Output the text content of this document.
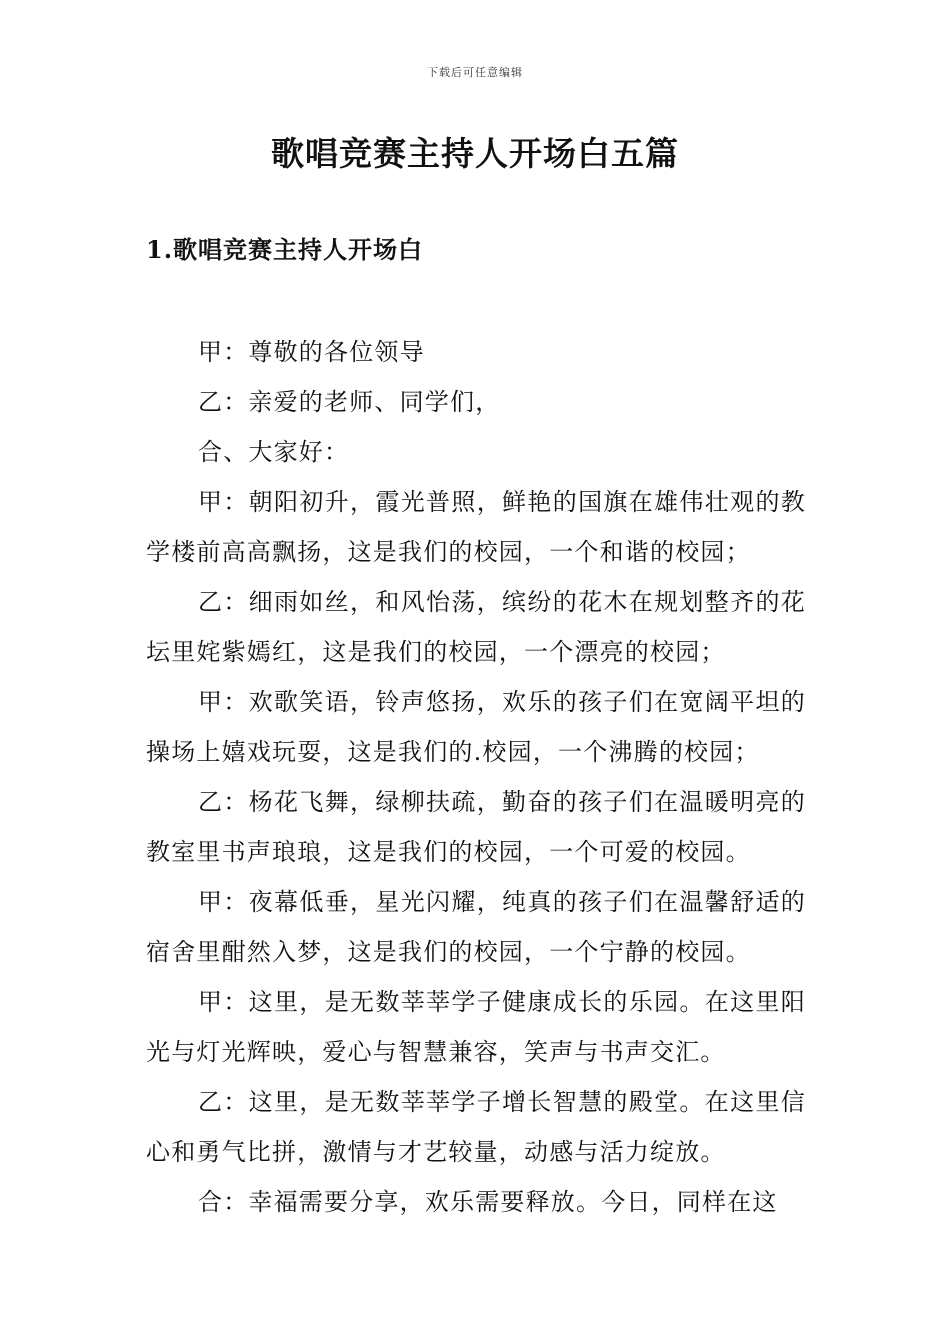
下载后可任意编辑
歌唱竞赛主持人开场白五篇
1.歌唱竞赛主持人开场白

甲：尊敬的各位领导

乙：亲爱的老师、同学们，

合、大家好：

甲：朝阳初升，霞光普照，鲜艳的国旗在雄伟壮观的教学楼前高高飘扬，这是我们的校园，一个和谐的校园；

乙：细雨如丝，和风怡荡，缤纷的花木在规划整齐的花坛里姹紫嫣红，这是我们的校园，一个漂亮的校园；

甲：欢歌笑语，铃声悠扬，欢乐的孩子们在宽阔平坦的操场上嬉戏玩耍，这是我们的.校园，一个沸腾的校园；

乙：杨花飞舞，绿柳扶疏，勤奋的孩子们在温暖明亮的教室里书声琅琅，这是我们的校园，一个可爱的校园。

甲：夜幕低垂，星光闪耀，纯真的孩子们在温馨舒适的宿舍里酣然入梦，这是我们的校园，一个宁静的校园。

甲：这里，是无数莘莘学子健康成长的乐园。在这里阳光与灯光辉映，爱心与智慧兼容，笑声与书声交汇。

乙：这里，是无数莘莘学子增长智慧的殿堂。在这里信心和勇气比拼，激情与才艺较量，动感与活力绽放。

合：幸福需要分享，欢乐需要释放。今日，同样在这
